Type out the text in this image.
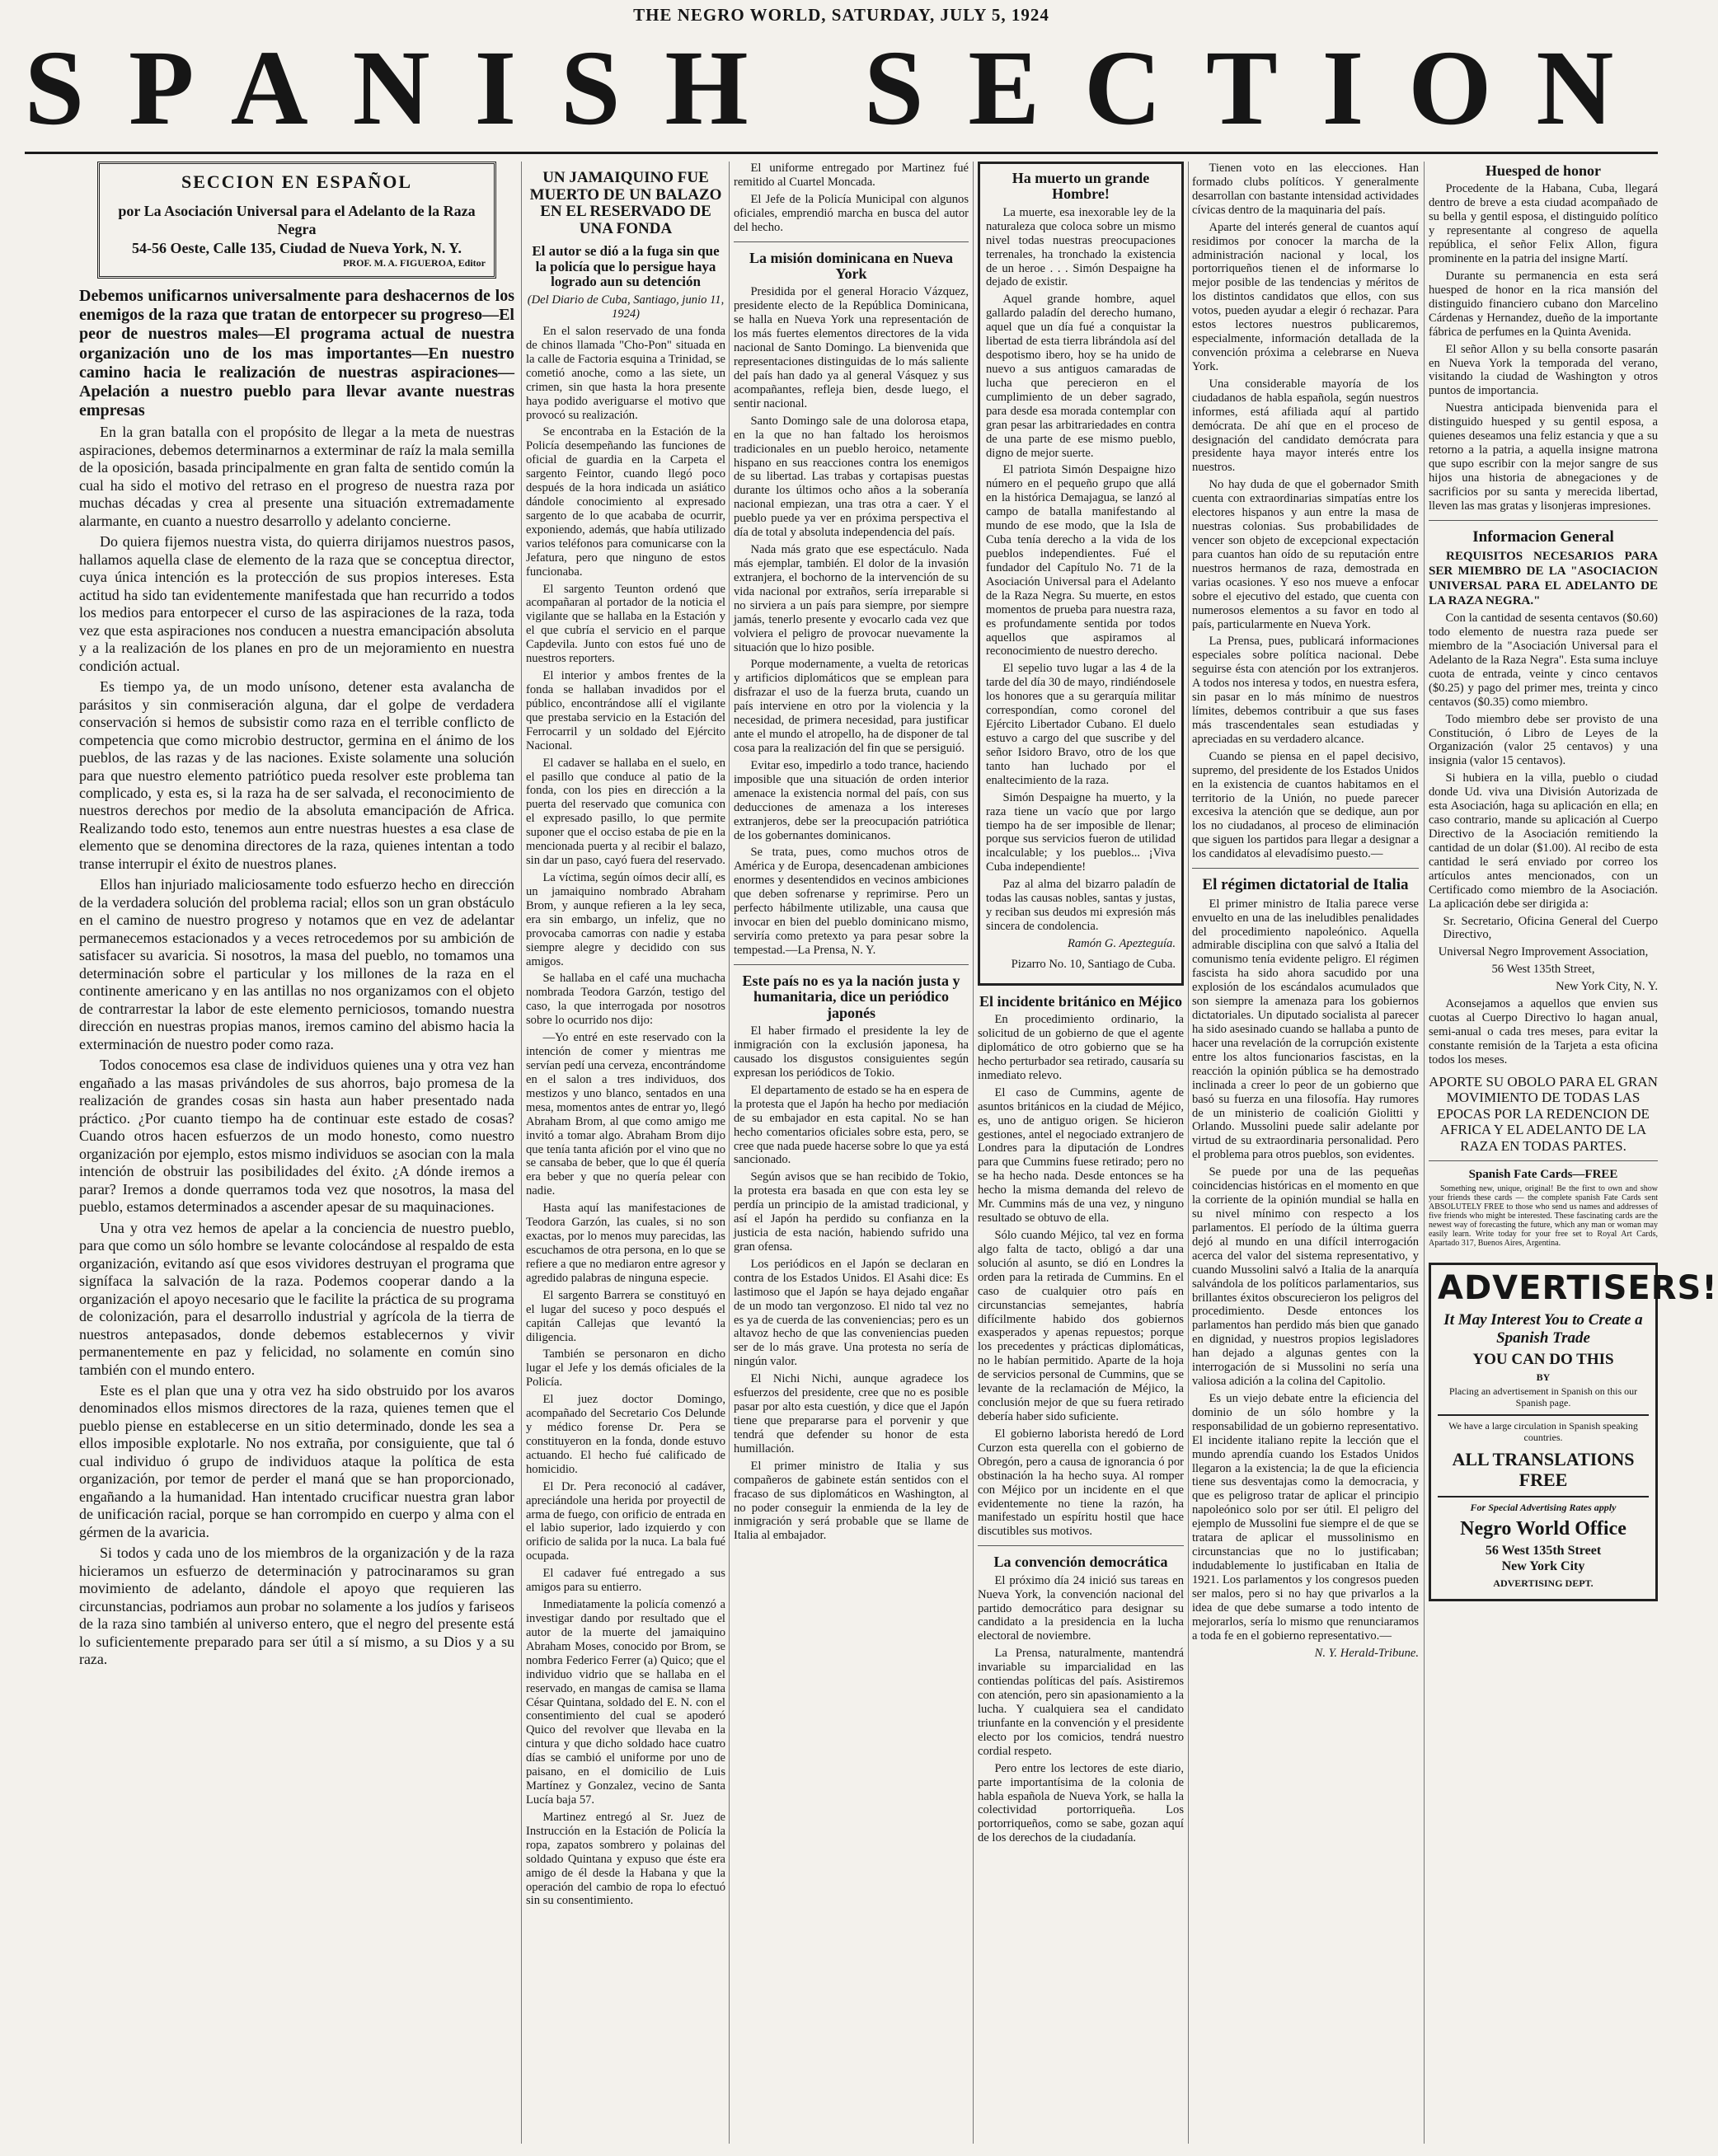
THE NEGRO WORLD, SATURDAY, JULY 5, 1924
SPANISH SECTION
SECCION EN ESPAÑOL
por La Asociación Universal para el Adelanto de la Raza Negra
54-56 Oeste, Calle 135, Ciudad de Nueva York, N. Y.
PROF. M. A. FIGUEROA, Editor

Debemos unificarnos universalmente para deshacernos de los enemigos de la raza que tratan de entorpecer su progreso—El peor de nuestros males—El programa actual de nuestra organización uno de los mas importantes—En nuestro camino hacia le realización de nuestras aspiraciones—Apelación a nuestro pueblo para llevar avante nuestras empresas

En la gran batalla con el propósito de llegar a la meta de nuestras aspiraciones, debemos determinarnos a exterminar de raíz la mala semilla de la oposición, basada principalmente en gran falta de sentido común la cual ha sido el motivo del retraso en el progreso de nuestra raza por muchas décadas y crea al presente una situación extremadamente alarmante, en cuanto a nuestro desarrollo y adelanto concierne.

Do quiera fijemos nuestra vista, do quierra dirijamos nuestros pasos, hallamos aquella clase de elemento de la raza que se conceptua director, cuya única intención es la protección de sus propios intereses. Esta actitud ha sido tan evidentemente manifestada que han recurrido a todos los medios para entorpecer el curso de las aspiraciones de la raza, toda vez que esta aspiraciones nos conducen a nuestra emancipación absoluta y a la realización de los planes en pro de un mejoramiento en nuestra condición actual.

Es tiempo ya, de un modo unísono, detener esta avalancha de parásitos y sin conmiseración alguna, dar el golpe de verdadera conservación si hemos de subsistir como raza en el terrible conflicto de competencia que como microbio destructor, germina en el ánimo de los pueblos, de las razas y de las naciones. Existe solamente una solución para que nuestro elemento patriótico pueda resolver este problema tan complicado, y esta es, si la raza ha de ser salvada, el reconocimiento de nuestros derechos por medio de la absoluta emancipación de Africa. Realizando todo esto, tenemos aun entre nuestras huestes a esa clase de elemento que se denomina directores de la raza, quienes intentan a todo transe interrupir el éxito de nuestros planes.

Ellos han injuriado maliciosamente todo esfuerzo hecho en dirección de la verdadera solución del problema racial; ellos son un gran obstáculo en el camino de nuestro progreso y notamos que en vez de adelantar permanecemos estacionados y a veces retrocedemos por su ambición de satisfacer su avaricia. Si nosotros, la masa del pueblo, no tomamos una determinación sobre el particular y los millones de la raza en el continente americano y en las antillas no nos organizamos con el objeto de contrarrestar la labor de este elemento perniciosos, tomando nuestra dirección en nuestras propias manos, iremos camino del abismo hacia la exterminación de nuestro poder como raza.

Todos conocemos esa clase de individuos quienes una y otra vez han engañado a las masas privándoles de sus ahorros, bajo promesa de la realización de grandes cosas sin hasta aun haber presentado nada práctico. ¿Por cuanto tiempo ha de continuar este estado de cosas? Cuando otros hacen esfuerzos de un modo honesto, como nuestro organización por ejemplo, estos mismo individuos se asocian con la mala intención de obstruir las posibilidades del éxito. ¿A dónde iremos a parar? Iremos a donde querramos toda vez que nosotros, la masa del pueblo, estamos determinados a ascender apesar de su maquinaciones.

Una y otra vez hemos de apelar a la conciencia de nuestro pueblo, para que como un sólo hombre se levante colocándose al respaldo de esta organización, evitando así que esos vividores destruyan el programa que signífaca la salvación de la raza. Podemos cooperar dando a la organización el apoyo necesario que le facilite la práctica de su programa de colonización, para el desarrollo industrial y agrícola de la tierra de nuestros antepasados, donde debemos establecernos y vivir permanentemente en paz y felicidad, no solamente en común sino también con el mundo entero.

Este es el plan que una y otra vez ha sido obstruido por los avaros denominados ellos mismos directores de la raza, quienes temen que el pueblo piense en establecerse en un sitio determinado, donde les sea a ellos imposible explotarle. No nos extraña, por consiguiente, que tal ó cual individuo ó grupo de individuos ataque la política de esta organización, por temor de perder el maná que se han proporcionado, engañando a la humanidad. Han intentado crucificar nuestra gran labor de unificación racial, porque se han corrompido en cuerpo y alma con el gérmen de la avaricia.

Si todos y cada uno de los miembros de la organización y de la raza hicieramos un esfuerzo de determinación y patrocinaramos su gran movimiento de adelanto, dándole el apoyo que requieren las circunstancias, podriamos aun probar no solamente a los judíos y fariseos de la raza sino también al universo entero, que el negro del presente está lo suficientemente preparado para ser útil a sí mismo, a su Dios y a su raza.

UN JAMAIQUINO FUE MUERTO DE UN BALAZO EN EL RESERVADO DE UNA FONDA
El autor se dió a la fuga sin que la policía que lo persigue haya logrado aun su detención

(Del Diario de Cuba, Santiago, junio 11, 1924)

En el salon reservado de una fonda de chinos llamada "Cho-Pon" situada en la calle de Factoria esquina a Trinidad, se cometió anoche, como a las siete, un crimen, sin que hasta la hora presente haya podido averiguarse el motivo que provocó su realización.

Se encontraba en la Estación de la Policía desempeñando las funciones de oficial de guardia en la Carpeta el sargento Feintor, cuando llegó poco después de la hora indicada un asiático dándole conocimiento al expresado sargento de lo que acababa de ocurrir, exponiendo, además, que había utilizado varios teléfonos para comunicarse con la Jefatura, pero que ninguno de estos funcionaba.

El sargento Teunton ordenó que acompañaran al portador de la noticia el vigilante que se hallaba en la Estación y el que cubría el servicio en el parque Capdevila. Junto con estos fué uno de nuestros reporters.

El interior y ambos frentes de la fonda se hallaban invadidos por el público, encontrándose allí el vigilante que prestaba servicio en la Estación del Ferrocarril y un soldado del Ejército Nacional.

El cadaver se hallaba en el suelo, en el pasillo que conduce al patio de la fonda, con los pies en dirección a la puerta del reservado que comunica con el expresado pasillo, lo que permite suponer que el occiso estaba de pie en la mencionada puerta y al recibir el balazo, sin dar un paso, cayó fuera del reservado.

La víctima, según oímos decir allí, es un jamaiquino nombrado Abraham Brom, y aunque refieren a la ley seca, era sin embargo, un infeliz, que no provocaba camorras con nadie y estaba siempre alegre y decidido con sus amigos.

Se hallaba en el café una muchacha nombrada Teodora Garzón, testigo del caso, la que interrogada por nosotros sobre lo ocurrido nos dijo:

—Yo entré en este reservado con la intención de comer y mientras me servían pedí una cerveza, encontrándome en el salon a tres individuos, dos mestizos y uno blanco, sentados en una mesa, momentos antes de entrar yo, llegó Abraham Brom, al que como amigo me invitó a tomar algo. Abraham Brom dijo que tenía tanta afición por el vino que no se cansaba de beber, que lo que él quería era beber y que no quería pelear con nadie.

Hasta aquí las manifestaciones de Teodora Garzón, las cuales, si no son exactas, por lo menos muy parecidas, las escuchamos de otra persona, en lo que se refiere a que no mediaron entre agresor y agredido palabras de ninguna especie.

El sargento Barrera se constituyó en el lugar del suceso y poco después el capitán Callejas que levantó la diligencia.

También se personaron en dicho lugar el Jefe y los demás oficiales de la Policía.

El juez doctor Domingo, acompañado del Secretario Cos Delunde y médico forense Dr. Pera se constituyeron en la fonda, donde estuvo actuando. El hecho fué calificado de homicidio.

El Dr. Pera reconoció al cadáver, apreciándole una herida por proyectil de arma de fuego, con orificio de entrada en el labio superior, lado izquierdo y con orificio de salida por la nuca. La bala fué ocupada.

El cadaver fué entregado a sus amigos para su entierro.

Inmediatamente la policía comenzó a investigar dando por resultado que el autor de la muerte del jamaiquino Abraham Moses, conocido por Brom, se nombra Federico Ferrer (a) Quico; que el individuo vidrio que se hallaba en el reservado, en mangas de camisa se llama César Quintana, soldado del E. N. con el consentimiento del cual se apoderó Quico del revolver que llevaba en la cintura y que dicho soldado hace cuatro días se cambió el uniforme por uno de paisano, en el domicilio de Luis Martínez y Gonzalez, vecino de Santa Lucía baja 57.

Martinez entregó al Sr. Juez de Instrucción en la Estación de Policía la ropa, zapatos sombrero y polainas del soldado Quintana y expuso que éste era amigo de él desde la Habana y que la operación del cambio de ropa lo efectuó sin su consentimiento.

El uniforme entregado por Martinez fué remitido al Cuartel Moncada.

El Jefe de la Policía Municipal con algunos oficiales, emprendió marcha en busca del autor del hecho.

La misión dominicana en Nueva York

Presidida por el general Horacio Vázquez, presidente electo de la República Dominicana, se halla en Nueva York una representación de los más fuertes elementos directores de la vida nacional de Santo Domingo. La bienvenida que representaciones distinguidas de lo más saliente del país han dado ya al general Vásquez y sus acompañantes, refleja bien, desde luego, el sentir nacional.

Santo Domingo sale de una dolorosa etapa, en la que no han faltado los heroismos tradicionales en un pueblo heroico, netamente hispano en sus reacciones contra los enemigos de su libertad. Las trabas y cortapisas puestas durante los últimos ocho años a la soberanía nacional empiezan, una tras otra a caer. Y el pueblo puede ya ver en próxima perspectiva el día de total y absoluta independencia del país.

Nada más grato que ese espectáculo. Nada más ejemplar, también. El dolor de la invasión extranjera, el bochorno de la intervención de su vida nacional por extraños, sería irreparable si no sirviera a un país para siempre, por siempre jamás, tenerlo presente y evocarlo cada vez que volviera el peligro de provocar nuevamente la situación que lo hizo posible.

Porque modernamente, a vuelta de retoricas y artificios diplomáticos que se emplean para disfrazar el uso de la fuerza bruta, cuando un país interviene en otro por la violencia y la necesidad, de primera necesidad, para justificar ante el mundo el atropello, ha de disponer de tal cosa para la realización del fin que se persiguió.

Evitar eso, impedirlo a todo trance, haciendo imposible que una situación de orden interior amenace la existencia normal del país, con sus deducciones de amenaza a los intereses extranjeros, debe ser la preocupación patriótica de los gobernantes dominicanos.

Se trata, pues, como muchos otros de América y de Europa, desencadenan ambiciones enormes y desentendidos en vecinos ambiciones que deben sofrenarse y reprimirse. Pero un perfecto hábilmente utilizable, una causa que invocar en bien del pueblo dominicano mismo, serviría como pretexto ya para pesar sobre la tempestad.—La Prensa, N. Y.

Este país no es ya la nación justa y humanitaria, dice un periódico japonés

El haber firmado el presidente la ley de inmigración con la exclusión japonesa, ha causado los disgustos consiguientes según expresan los periódicos de Tokio.

El departamento de estado se ha en espera de la protesta que el Japón ha hecho por mediación de su embajador en esta capital. No se han hecho comentarios oficiales sobre esta, pero, se cree que nada puede hacerse sobre lo que ya está sancionado.

Según avisos que se han recibido de Tokio, la protesta era basada en que con esta ley se perdía un principio de la amistad tradicional, y así el Japón ha perdido su confianza en la justicia de esta nación, habiendo sufrido una gran ofensa.

Los periódicos en el Japón se declaran en contra de los Estados Unidos. El Asahi dice: Es lastimoso que el Japón se haya dejado engañar de un modo tan vergonzoso. El nido tal vez no es ya de cuerda de las conveniencias; pero es un altavoz hecho de que las conveniencias pueden ser de lo más grave. Una protesta no sería de ningún valor.

El Nichi Nichi, aunque agradece los esfuerzos del presidente, cree que no es posible pasar por alto esta cuestión, y dice que el Japón tiene que prepararse para el porvenir y que tendrá que defender su honor de esta humillación.

El primer ministro de Italia y sus compañeros de gabinete están sentidos con el fracaso de sus diplomáticos en Washington, al no poder conseguir la enmienda de la ley de inmigración y será probable que se llame de Italia al embajador.

Ha muerto un grande Hombre!

La muerte, esa inexorable ley de la naturaleza que coloca sobre un mismo nivel todas nuestras preocupaciones terrenales, ha tronchado la existencia de un heroe . . . Simón Despaigne ha dejado de existir.

Aquel grande hombre, aquel gallardo paladín del derecho humano, aquel que un día fué a conquistar la libertad de esta tierra librándola así del despotismo ibero, hoy se ha unido de nuevo a sus antiguos camaradas de lucha que perecieron en el cumplimiento de un deber sagrado, para desde esa morada contemplar con gran pesar las arbitrariedades en contra de una parte de ese mismo pueblo, digno de mejor suerte.

El patriota Simón Despaigne hizo número en el pequeño grupo que allá en la histórica Demajagua, se lanzó al campo de batalla manifestando al mundo de ese modo, que la Isla de Cuba tenía derecho a la vida de los pueblos independientes. Fué el fundador del Capítulo No. 71 de la Asociación Universal para el Adelanto de la Raza Negra. Su muerte, en estos momentos de prueba para nuestra raza, es profundamente sentida por todos aquellos que aspiramos al reconocimiento de nuestro derecho.

El sepelio tuvo lugar a las 4 de la tarde del día 30 de mayo, rindiéndosele los honores que a su gerarquía militar correspondían, como coronel del Ejército Libertador Cubano. El duelo estuvo a cargo del que suscribe y del señor Isidoro Bravo, otro de los que tanto han luchado por el enaltecimiento de la raza.

Simón Despaigne ha muerto, y la raza tiene un vacío que por largo tiempo ha de ser imposible de llenar; porque sus servicios fueron de utilidad incalculable; y los pueblos... ¡Viva Cuba independiente!

Paz al alma del bizarro paladín de todas las causas nobles, santas y justas, y reciban sus deudos mi expresión más sincera de condolencia.

Ramón G. Apezteguía.
Pizarro No. 10, Santiago de Cuba.
El incidente británico en Méjico

En procedimiento ordinario, la solicitud de un gobierno de que el agente diplomático de otro gobierno que se ha hecho perturbador sea retirado, causaría su inmediato relevo.

El caso de Cummins, agente de asuntos británicos en la ciudad de Méjico, es, uno de antiguo origen. Se hicieron gestiones, antel el negociado extranjero de Londres para la diputación de Londres para que Cummins fuese retirado; pero no se ha hecho nada. Desde entonces se ha hecho la misma demanda del relevo de Mr. Cummins más de una vez, y ninguno resultado se obtuvo de ella.

Sólo cuando Méjico, tal vez en forma algo falta de tacto, obligó a dar una solución al asunto, se dió en Londres la orden para la retirada de Cummins. En el caso de cualquier otro país en circunstancias semejantes, habría difícilmente habido dos gobiernos exasperados y apenas repuestos; porque los precedentes y prácticas diplomáticas, no le habían permitido. Aparte de la hoja de servicios personal de Cummins, que se levante de la reclamación de Méjico, la conclusión mejor de que su fuera retirado debería haber sido suficiente.

El gobierno laborista heredó de Lord Curzon esta querella con el gobierno de Obregón, pero a causa de ignorancia ó por obstinación la ha hecho suya. Al romper con Méjico por un incidente en el que evidentemente no tiene la razón, ha manifestado un espíritu hostil que hace discutibles sus motivos.

La convención democrática

El próximo día 24 inició sus tareas en Nueva York, la convención nacional del partido democrático para designar su candidato a la presidencia en la lucha electoral de noviembre.

La Prensa, naturalmente, mantendrá invariable su imparcialidad en las contiendas políticas del país. Asistiremos con atención, pero sin apasionamiento a la lucha. Y cualquiera sea el candidato triunfante en la convención y el presidente electo por los comicios, tendrá nuestro cordial respeto.

Pero entre los lectores de este diario, parte importantísima de la colonia de habla española de Nueva York, se halla la colectividad portorriqueña. Los portorriqueños, como se sabe, gozan aquí de los derechos de la ciudadanía.

Tienen voto en las elecciones. Han formado clubs políticos. Y generalmente desarrollan con bastante intensidad actividades cívicas dentro de la maquinaria del país.

Aparte del interés general de cuantos aquí residimos por conocer la marcha de la administración nacional y local, los portorriqueños tienen el de informarse lo mejor posible de las tendencias y méritos de los distintos candidatos que ellos, con sus votos, pueden ayudar a elegir ó rechazar. Para estos lectores nuestros publicaremos, especialmente, información detallada de la convención próxima a celebrarse en Nueva York.

Una considerable mayoría de los ciudadanos de habla española, según nuestros informes, está afiliada aquí al partido demócrata. De ahí que en el proceso de designación del candidato demócrata para presidente haya mayor interés entre los nuestros.

No hay duda de que el gobernador Smith cuenta con extraordinarias simpatías entre los electores hispanos y aun entre la masa de nuestras colonias. Sus probabilidades de vencer son objeto de excepcional expectación para cuantos han oído de su reputación entre nuestros hermanos de raza, demostrada en varias ocasiones. Y eso nos mueve a enfocar sobre el ejecutivo del estado, que cuenta con numerosos elementos a su favor en todo al país, particularmente en Nueva York.

La Prensa, pues, publicará informaciones especiales sobre política nacional. Debe seguirse ésta con atención por los extranjeros. A todos nos interesa y todos, en nuestra esfera, sin pasar en lo más mínimo de nuestros límites, debemos contribuir a que sus fases más trascendentales sean estudiadas y apreciadas en su verdadero alcance.

Cuando se piensa en el papel decisivo, supremo, del presidente de los Estados Unidos en la existencia de cuantos habitamos en el territorio de la Unión, no puede parecer excesiva la atención que se dedique, aun por los no ciudadanos, al proceso de eliminación que siguen los partidos para llegar a designar a los candidatos al elevadísimo puesto.—

El régimen dictatorial de Italia

El primer ministro de Italia parece verse envuelto en una de las ineludibles penalidades del procedimiento napoleónico. Aquella admirable disciplina con que salvó a Italia del comunismo tenía evidente peligro. El régimen fascista ha sido ahora sacudido por una explosión de los escándalos acumulados que son siempre la amenaza para los gobiernos dictatoriales. Un diputado socialista al parecer ha sido asesinado cuando se hallaba a punto de hacer una revelación de la corrupción existente entre los altos funcionarios fascistas, en la reacción la opinión pública se ha demostrado inclinada a creer lo peor de un gobierno que basó su fuerza en una filosofía. Hay rumores de un ministerio de coalición Giolitti y Orlando. Mussolini puede salir adelante por virtud de su extraordinaria personalidad. Pero el problema para otros pueblos, son evidentes.

Se puede por una de las pequeñas coincidencias históricas en el momento en que la corriente de la opinión mundial se halla en su nivel mínimo con respecto a los parlamentos. El período de la última guerra dejó al mundo en una difícil interrogación acerca del valor del sistema representativo, y cuando Mussolini salvó a Italia de la anarquía salvándola de los políticos parlamentarios, sus brillantes éxitos obscurecieron los peligros del procedimiento. Desde entonces los parlamentos han perdido más bien que ganado en dignidad, y nuestros propios legisladores han dejado a algunas gentes con la interrogación de si Mussolini no sería una valiosa adición a la colina del Capitolio.

Es un viejo debate entre la eficiencia del dominio de un sólo hombre y la responsabilidad de un gobierno representativo. El incidente italiano repite la lección que el mundo aprendía cuando los Estados Unidos llegaron a la existencia; la de que la eficiencia tiene sus desventajas como la democracia, y que es peligroso tratar de aplicar el principio napoleónico solo por ser útil. El peligro del ejemplo de Mussolini fue siempre el de que se tratara de aplicar el mussolinismo en circunstancias que no lo justificaban; indudablemente lo justificaban en Italia de 1921. Los parlamentos y los congresos pueden ser malos, pero si no hay que privarlos a la idea de que debe sumarse a todo intento de mejorarlos, sería lo mismo que renunciaramos a toda fe en el gobierno representativo.—

N. Y. Herald-Tribune.
Huesped de honor

Procedente de la Habana, Cuba, llegará dentro de breve a esta ciudad acompañado de su bella y gentil esposa, el distinguido político y representante al congreso de aquella república, el señor Felix Allon, figura prominente en la patria del insigne Martí.

Durante su permanencia en esta será huesped de honor en la rica mansión del distinguido financiero cubano don Marcelino Cárdenas y Hernandez, dueño de la importante fábrica de perfumes en la Quinta Avenida.

El señor Allon y su bella consorte pasarán en Nueva York la temporada del verano, visitando la ciudad de Washington y otros puntos de importancia.

Nuestra anticipada bienvenida para el distinguido huesped y su gentil esposa, a quienes deseamos una feliz estancia y que a su retorno a la patria, a aquella insigne matrona que supo escribir con la mejor sangre de sus hijos una historia de abnegaciones y de sacrificios por su santa y merecida libertad, lleven las mas gratas y lisonjeras impresiones.

Informacion General

REQUISITOS NECESARIOS PARA SER MIEMBRO DE LA "ASOCIACION UNIVERSAL PARA EL ADELANTO DE LA RAZA NEGRA."

Con la cantidad de sesenta centavos ($0.60) todo elemento de nuestra raza puede ser miembro de la "Asociación Universal para el Adelanto de la Raza Negra". Esta suma incluye cuota de entrada, veinte y cinco centavos ($0.25) y pago del primer mes, treinta y cinco centavos ($0.35) como miembro.

Todo miembro debe ser provisto de una Constitución, ó Libro de Leyes de la Organización (valor 25 centavos) y una insignia (valor 15 centavos).

Si hubiera en la villa, pueblo o ciudad donde Ud. viva una División Autorizada de esta Asociación, haga su aplicación en ella; en caso contrario, mande su aplicación al Cuerpo Directivo de la Asociación remitiendo la cantidad de un dolar ($1.00). Al recibo de esta cantidad le será enviado por correo los artículos antes mencionados, con un Certificado como miembro de la Asociación. La aplicación debe ser dirigida a:

Sr. Secretario, Oficina General del Cuerpo Directivo,

Universal Negro Improvement Association,

56 West 135th Street,

New York City, N. Y.

Aconsejamos a aquellos que envien sus cuotas al Cuerpo Directivo lo hagan anual, semi-anual o cada tres meses, para evitar la constante remisión de la Tarjeta a esta oficina todos los meses.

APORTE SU OBOLO PARA EL GRAN MOVIMIENTO DE TODAS LAS EPOCAS POR LA REDENCION DE AFRICA Y EL ADELANTO DE LA RAZA EN TODAS PARTES.
Spanish Fate Cards—FREE

Something new, unique, original! Be the first to own and show your friends these cards — the complete spanish Fate Cards sent ABSOLUTELY FREE to those who send us names and addresses of five friends who might be interested. These fascinating cards are the newest way of forecasting the future, which any man or woman may easily learn. Write today for your free set to Royal Art Cards, Apartado 317, Buenos Aires, Argentina.

ADVERTISERS!
It May Interest You to Create a Spanish Trade
YOU CAN DO THIS
BY
Placing an advertisement in Spanish on this our Spanish page.
We have a large circulation in Spanish speaking countries.
ALL TRANSLATIONS FREE
For Special Advertising Rates apply
Negro World Office
56 West 135th Street
New York City
ADVERTISING DEPT.
